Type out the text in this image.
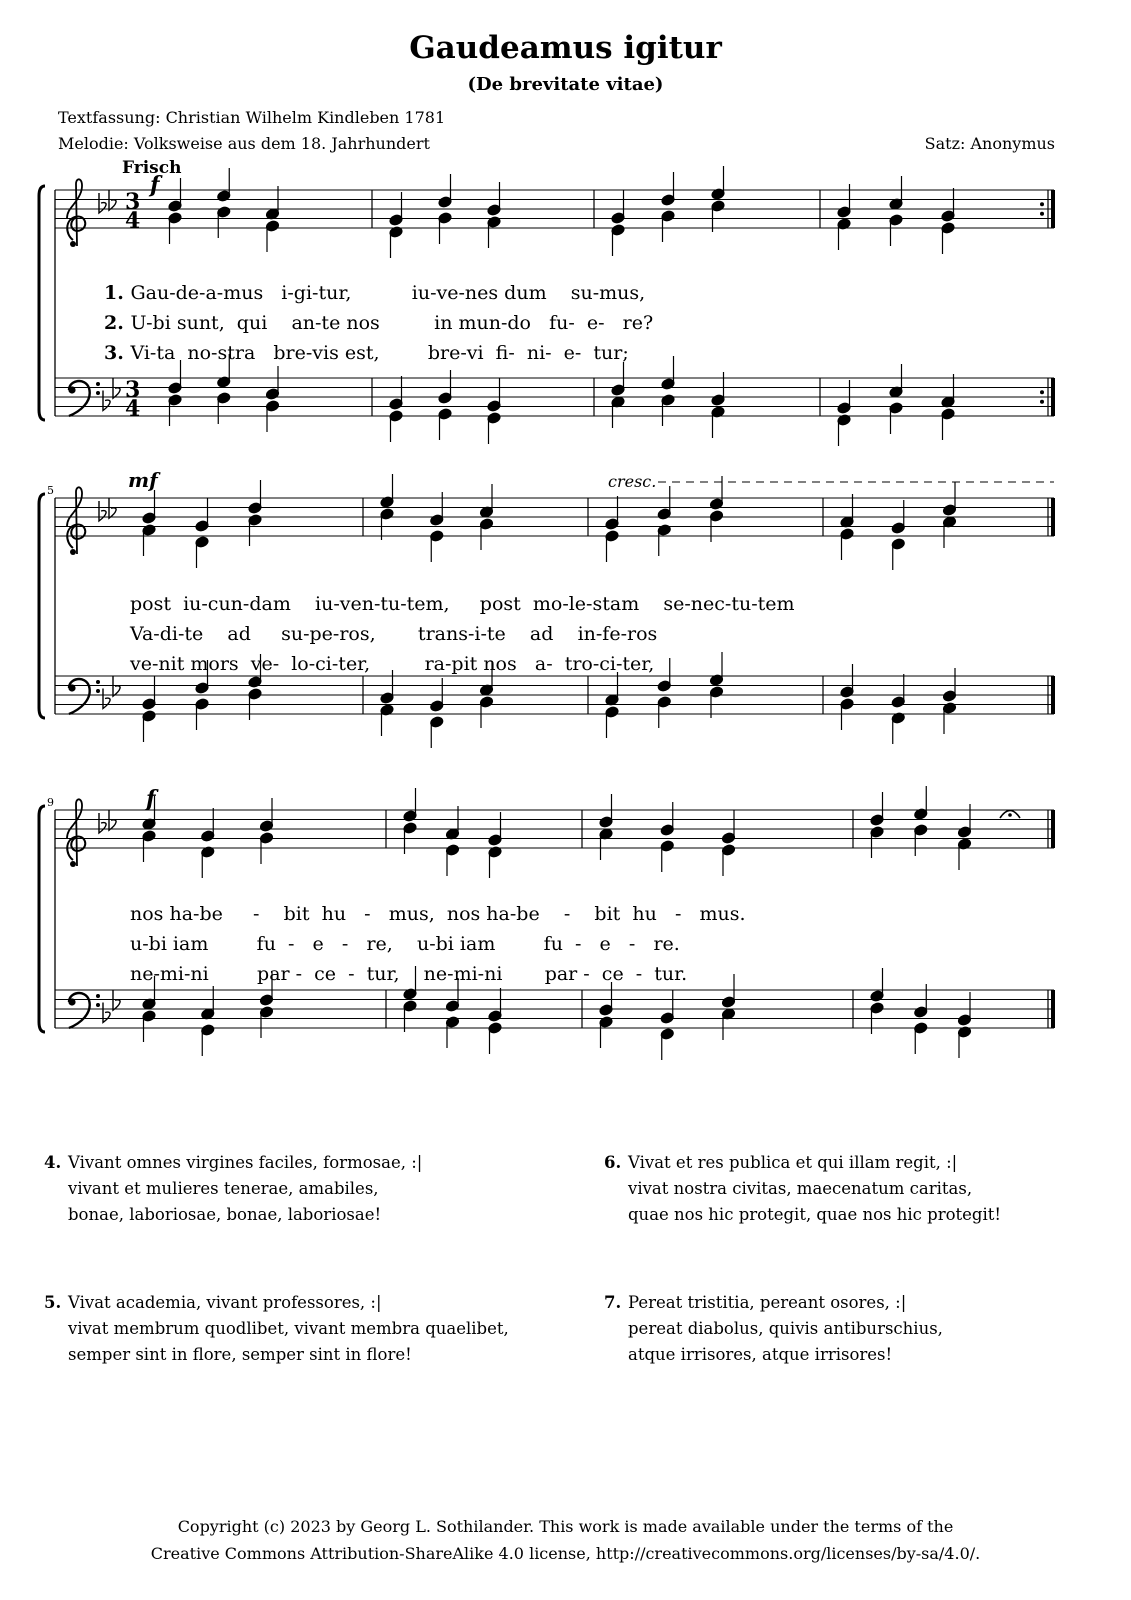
Gaudeamus igitur
(De brevitate vitae)
Textfassung: Christian Wilhelm Kindleben 1781
Melodie: Volksweise aus dem 18. Jahrhundert	Satz: Anonymus
Frisch
3
4
3
4
5
9
f
mf	cresc.
f
1. Gau-de-a-mus   i-gi-tur,          iu-ve-nes dum    su-mus,
2. U-bi sunt,  qui    an-te nos         in mun-do   fu-  e-   re?
3. Vi-ta  no-stra   bre-vis est,        bre-vi  fi-  ni-  e-  tur;
post  iu-cun-dam    iu-ven-tu-tem,     post  mo-le-stam    se-nec-tu-tem
Va-di-te    ad     su-pe-ros,       trans-i-te    ad    in-fe-ros
ve-nit mors  ve-  lo-ci-ter,         ra-pit nos   a-  tro-ci-ter,
nos ha-be     -    bit  hu   -   mus,  nos ha-be    -    bit  hu   -   mus.
u-bi iam        fu  -   e   -   re,    u-bi iam        fu  -   e   -   re.
ne-mi-ni        par -  ce  -  tur,    ne-mi-ni       par -  ce  -  tur.
4. Vivant omnes virgines faciles, formosae, :|
vivant et mulieres tenerae, amabiles,
bonae, laboriosae, bonae, laboriosae!
6. Vivat et res publica et qui illam regit, :|
vivat nostra civitas, maecenatum caritas,
quae nos hic protegit, quae nos hic protegit!
5. Vivat academia, vivant professores, :|
vivat membrum quodlibet, vivant membra quaelibet,
semper sint in flore, semper sint in flore!
7. Pereat tristitia, pereant osores, :|
pereat diabolus, quivis antiburschius,
atque irrisores, atque irrisores!
Copyright (c) 2023 by Georg L. Sothilander. This work is made available under the terms of the
Creative Commons Attribution-ShareAlike 4.0 license, http://creativecommons.org/licenses/by-sa/4.0/.
